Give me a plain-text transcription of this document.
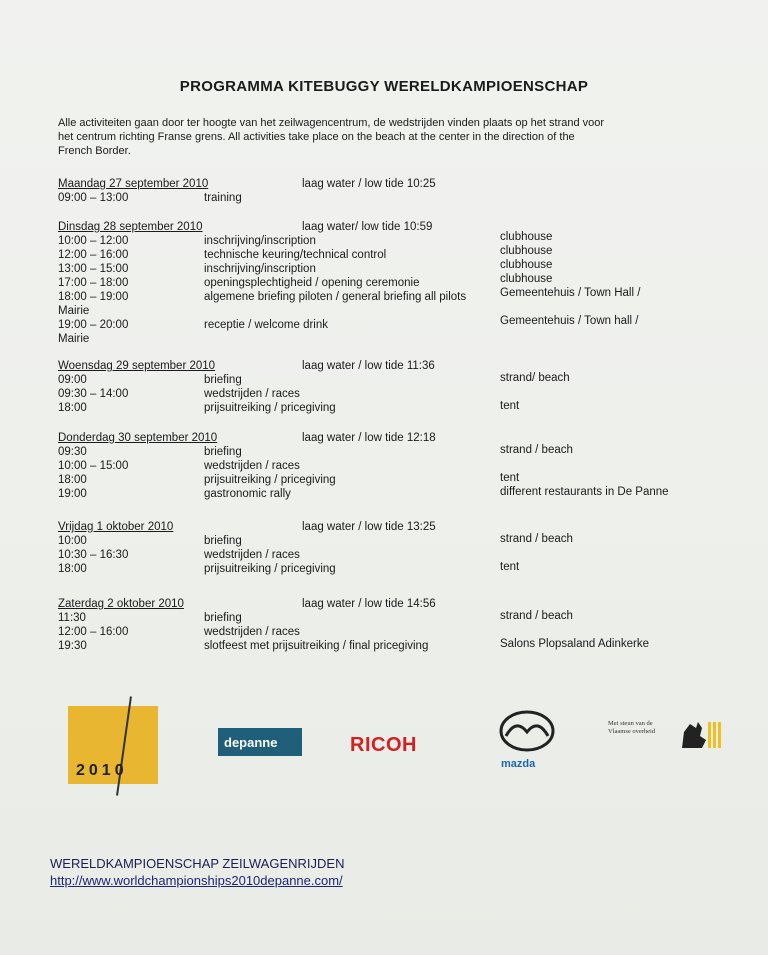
PROGRAMMA KITEBUGGY WERELDKAMPIOENSCHAP
Alle activiteiten gaan door ter hoogte van het zeilwagencentrum, de wedstrijden vinden plaats op het strand voor
het centrum richting Franse grens. All activities take place on the beach at the center in the direction of the
French Border.
Maandag 27 september 2010	laag water / low tide 10:25
09:00 – 13:00	training
Dinsdag 28 september 2010	laag water/ low tide 10:59
10:00 – 12:00	inschrijving/inscription	clubhouse
12:00 – 16:00	technische keuring/technical control	clubhouse
13:00 – 15:00	inschrijving/inscription	clubhouse
17:00 – 18:00	openingsplechtigheid / opening ceremonie	clubhouse
18:00 – 19:00	algemene briefing piloten / general briefing all pilots	Gemeentehuis / Town Hall /
Mairie
19:00 – 20:00	receptie / welcome drink	Gemeentehuis / Town hall /
Mairie
Woensdag 29 september 2010	laag water / low tide 11:36
09:00	briefing	strand/ beach
09:30 – 14:00	wedstrijden / races
18:00	prijsuitreiking / pricegiving	tent
Donderdag 30 september 2010	laag water / low tide 12:18
09:30	briefing	strand / beach
10:00 – 15:00	wedstrijden / races
18:00	prijsuitreiking / pricegiving	tent
19:00	gastronomic rally	different restaurants in De Panne
Vrijdag 1 oktober 2010	laag water / low tide 13:25
10:00	briefing	strand / beach
10:30 – 16:30	wedstrijden / races
18:00	prijsuitreiking / pricegiving	tent
Zaterdag 2 oktober 2010	laag water / low tide 14:56
11:30	briefing	strand / beach
12:00 – 16:00	wedstrijden / races
19:30	slotfeest met prijsuitreiking / final pricegiving	Salons Plopsaland Adinkerke
2010
depanne	RICOH
mazda
Met steun van de Vlaamse overheid
WERELDKAMPIOENSCHAP ZEILWAGENRIJDEN
http://www.worldchampionships2010depanne.com/
